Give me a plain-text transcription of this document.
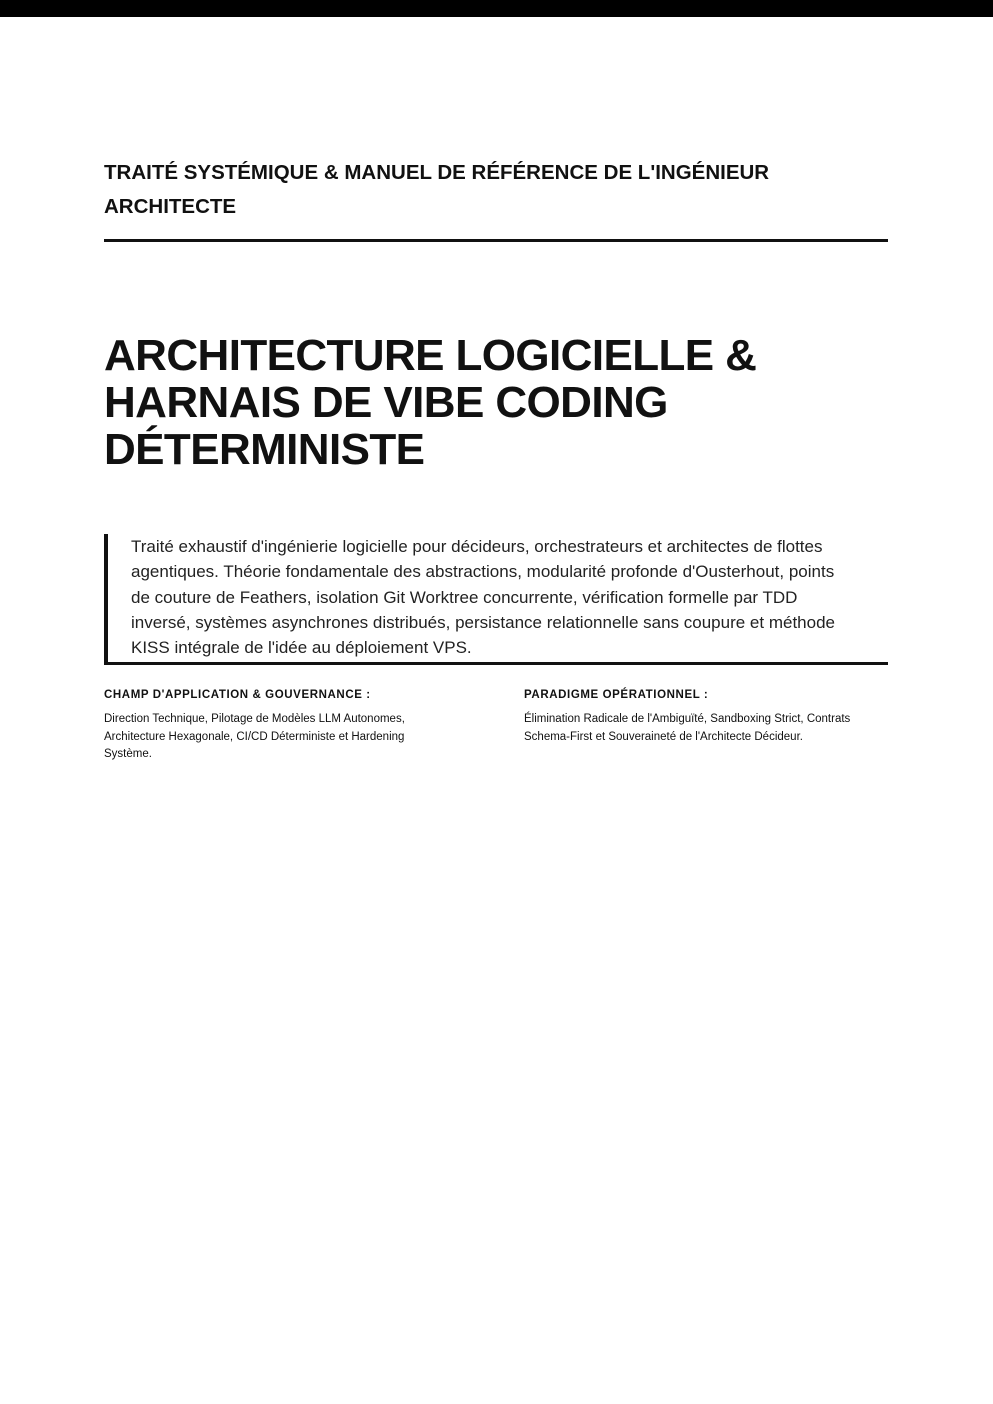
TRAITÉ SYSTÉMIQUE & MANUEL DE RÉFÉRENCE DE L'INGÉNIEUR ARCHITECTE
ARCHITECTURE LOGICIELLE & HARNAIS DE VIBE CODING DÉTERMINISTE

Traité exhaustif d'ingénierie logicielle pour décideurs, orchestrateurs et architectes de flottes agentiques. Théorie fondamentale des abstractions, modularité profonde d'Ousterhout, points de couture de Feathers, isolation Git Worktree concurrente, vérification formelle par TDD inversé, systèmes asynchrones distribués, persistance relationnelle sans coupure et méthode KISS intégrale de l'idée au déploiement VPS.

CHAMP D'APPLICATION & GOUVERNANCE :

Direction Technique, Pilotage de Modèles LLM Autonomes, Architecture Hexagonale, CI/CD Déterministe et Hardening Système.

PARADIGME OPÉRATIONNEL :

Élimination Radicale de l'Ambiguïté, Sandboxing Strict, Contrats Schema-First et Souveraineté de l'Architecte Décideur.
